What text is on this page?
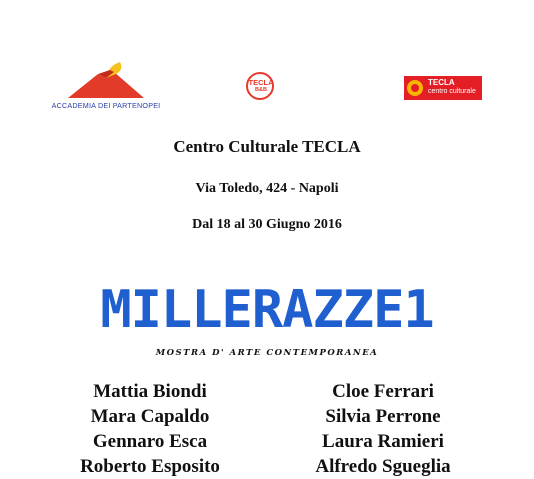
ACCADEMIA DEI PARTENOPEI
TECLA
B&B
TECLA
centro culturale
Centro Culturale TECLA
Via Toledo, 424 - Napoli
Dal 18 al 30 Giugno 2016
MILLERAZZE1
MOSTRA D' ARTE CONTEMPORANEA
Mattia Biondi
Mara Capaldo
Gennaro Esca
Roberto Esposito
Cloe Ferrari
Silvia Perrone
Laura Ramieri
Alfredo Sgueglia
